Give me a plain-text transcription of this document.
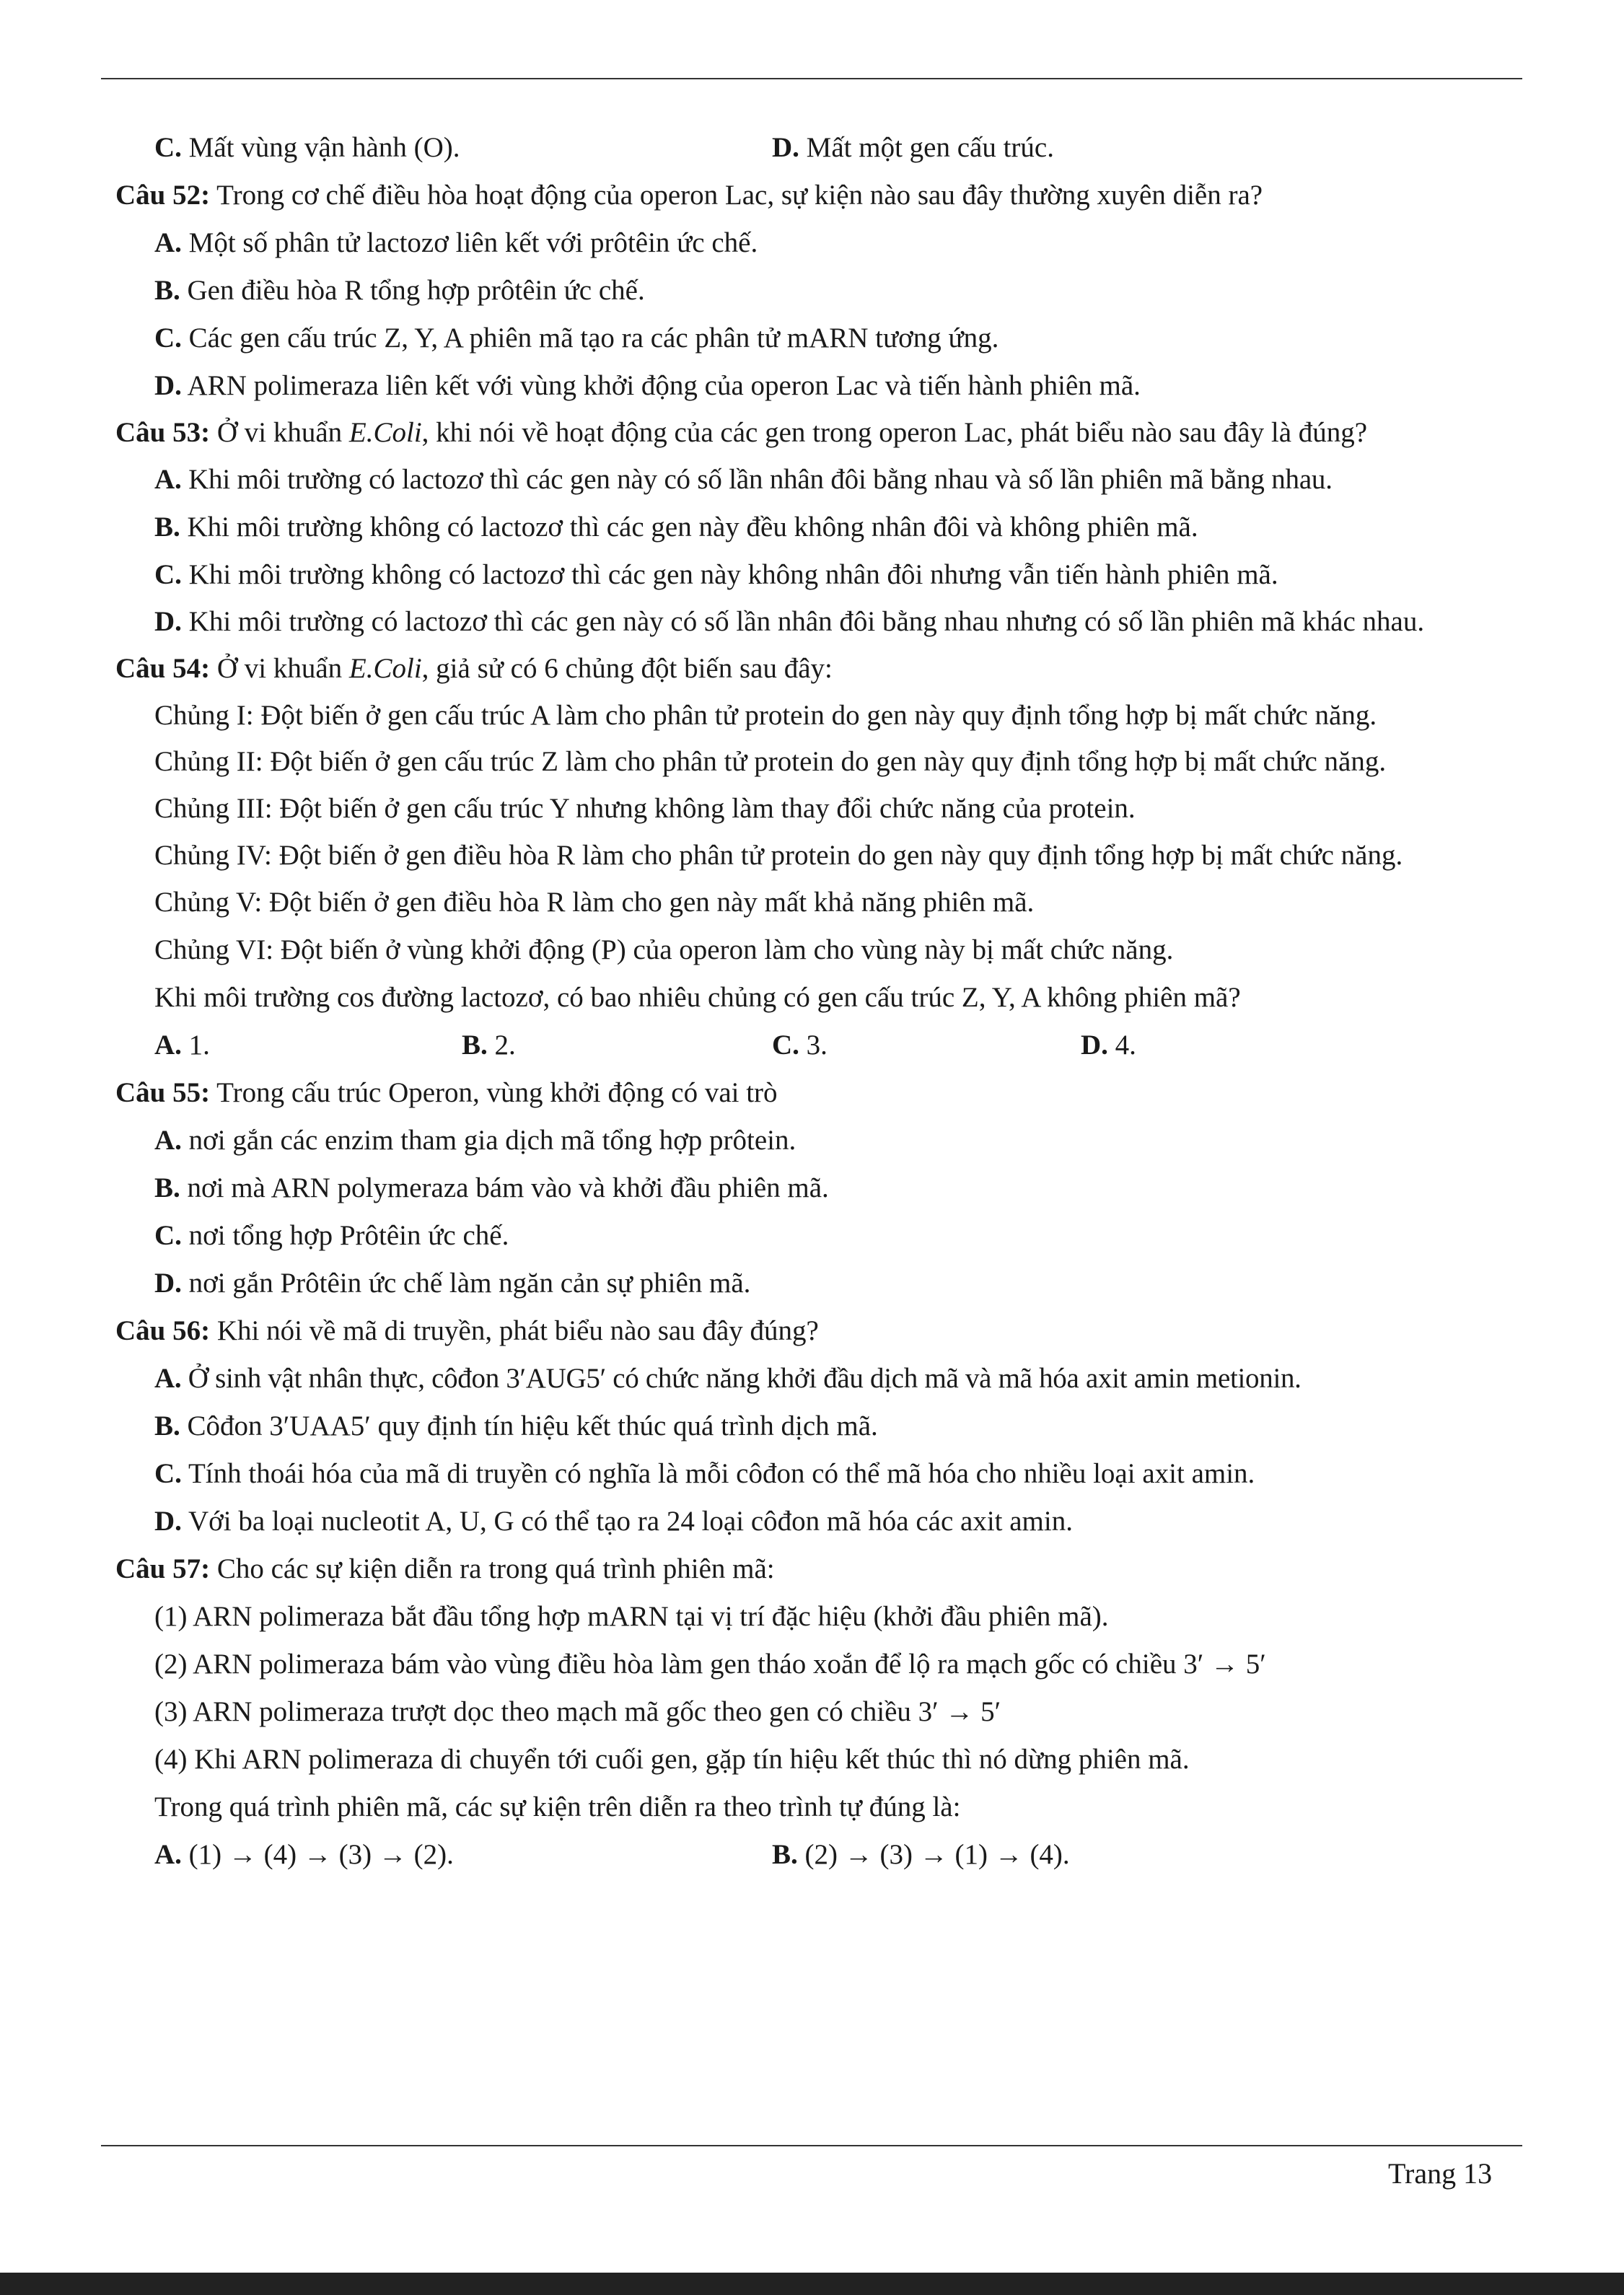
C. Mất vùng vận hành (O).	D. Mất một gen cấu trúc.
Câu 52: Trong cơ chế điều hòa hoạt động của operon Lac, sự kiện nào sau đây thường xuyên diễn ra?
A. Một số phân tử lactozơ liên kết với prôtêin ức chế.
B. Gen điều hòa R tổng hợp prôtêin ức chế.
C. Các gen cấu trúc Z, Y, A phiên mã tạo ra các phân tử mARN tương ứng.
D. ARN polimeraza liên kết với vùng khởi động của operon Lac và tiến hành phiên mã.
Câu 53: Ở vi khuẩn E.Coli, khi nói về hoạt động của các gen trong operon Lac, phát biểu nào sau đây là đúng?
A. Khi môi trường có lactozơ thì các gen này có số lần nhân đôi bằng nhau và số lần phiên mã bằng nhau.
B. Khi môi trường không có lactozơ thì các gen này đều không nhân đôi và không phiên mã.
C. Khi môi trường không có lactozơ thì các gen này không nhân đôi nhưng vẫn tiến hành phiên mã.
D. Khi môi trường có lactozơ thì các gen này có số lần nhân đôi bằng nhau nhưng có số lần phiên mã khác nhau.
Câu 54: Ở vi khuẩn E.Coli, giả sử có 6 chủng đột biến sau đây:
Chủng I: Đột biến ở gen cấu trúc A làm cho phân tử protein do gen này quy định tổng hợp bị mất chức năng.
Chủng II: Đột biến ở gen cấu trúc Z làm cho phân tử protein do gen này quy định tổng hợp bị mất chức năng.
Chủng III: Đột biến ở gen cấu trúc Y nhưng không làm thay đổi chức năng của protein.
Chủng IV: Đột biến ở gen điều hòa R làm cho phân tử protein do gen này quy định tổng hợp bị mất chức năng.
Chủng V: Đột biến ở gen điều hòa R làm cho gen này mất khả năng phiên mã.
Chủng VI: Đột biến ở vùng khởi động (P) của operon làm cho vùng này bị mất chức năng.
Khi môi trường cos đường lactozơ, có bao nhiêu chủng có gen cấu trúc Z, Y, A không phiên mã?
A. 1.	B. 2.	C. 3.	D. 4.
Câu 55: Trong cấu trúc Operon, vùng khởi động có vai trò
A. nơi gắn các enzim tham gia dịch mã tổng hợp prôtein.
B. nơi mà ARN polymeraza bám vào và khởi đầu phiên mã.
C. nơi tổng hợp Prôtêin ức chế.
D. nơi gắn Prôtêin ức chế làm ngăn cản sự phiên mã.
Câu 56: Khi nói về mã di truyền, phát biểu nào sau đây đúng?
A. Ở sinh vật nhân thực, côđon 3′AUG5′ có chức năng khởi đầu dịch mã và mã hóa axit amin metionin.
B. Côđon 3′UAA5′ quy định tín hiệu kết thúc quá trình dịch mã.
C. Tính thoái hóa của mã di truyền có nghĩa là mỗi côđon có thể mã hóa cho nhiều loại axit amin.
D. Với ba loại nucleotit A, U, G có thể tạo ra 24 loại côđon mã hóa các axit amin.
Câu 57: Cho các sự kiện diễn ra trong quá trình phiên mã:
(1) ARN polimeraza bắt đầu tổng hợp mARN tại vị trí đặc hiệu (khởi đầu phiên mã).
(2) ARN polimeraza bám vào vùng điều hòa làm gen tháo xoắn để lộ ra mạch gốc có chiều 3′ → 5′
(3) ARN polimeraza trượt dọc theo mạch mã gốc theo gen có chiều 3′ → 5′
(4) Khi ARN polimeraza di chuyển tới cuối gen, gặp tín hiệu kết thúc thì nó dừng phiên mã.
Trong quá trình phiên mã, các sự kiện trên diễn ra theo trình tự đúng là:
A. (1) → (4) → (3) → (2).	B. (2) → (3) → (1) → (4).
Trang 13
